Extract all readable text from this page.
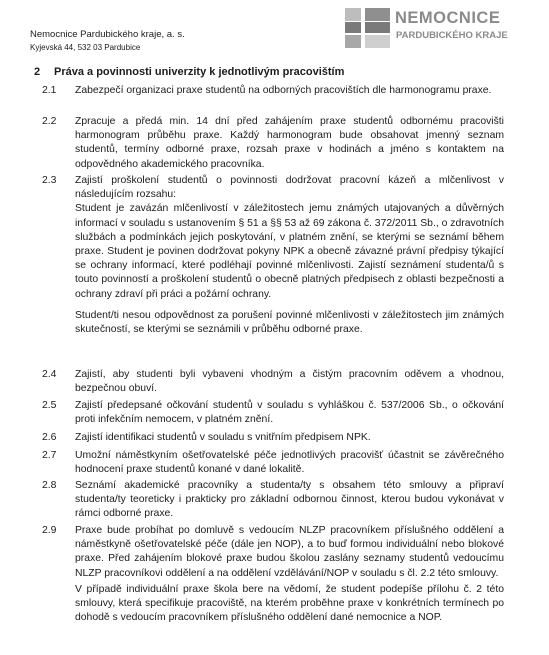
Nemocnice Pardubického kraje, a. s.
Kyjevská 44, 532 03 Pardubice
NEMOCNICE
PARDUBICKÉHO KRAJE
2 Práva a povinnosti univerzity k jednotlivým pracovištím
2.1 Zabezpečí organizaci praxe studentů na odborných pracovištích dle harmonogramu praxe.

2.2 Zpracuje a předá min. 14 dní před zahájením praxe studentů odbornému pracovišti harmonogram průběhu praxe. Každý harmonogram bude obsahovat jmenný seznam studentů, termíny odborné praxe, rozsah praxe v hodinách a jméno s kontaktem na odpovědného akademického pracovníka.

2.3 Zajistí proškolení studentů o povinnosti dodržovat pracovní kázeň a mlčenlivost v následujícím rozsahu:

Student je zavázán mlčenlivostí v záležitostech jemu známých utajovaných a důvěrných informací v souladu s ustanovením § 51 a §§ 53 až 69 zákona č. 372/2011 Sb., o zdravotních službách a podmínkách jejich poskytování, v platném znění, se kterými se seznámí během praxe. Student je povinen dodržovat pokyny NPK a obecně závazné právní předpisy týkající se ochrany informací, které podléhají povinné mlčenlivosti. Zajistí seznámení studenta/ů s touto povinností a proškolení studentů o obecně platných předpisech z oblasti bezpečnosti a ochrany zdraví při práci a požární ochrany.

Student/ti nesou odpovědnost za porušení povinné mlčenlivosti v záležitostech jim známých skutečností, se kterými se seznámili v průběhu odborné praxe.

2.4 Zajistí, aby studenti byli vybaveni vhodným a čistým pracovním oděvem a vhodnou, bezpečnou obuví.

2.5 Zajistí předepsané očkování studentů v souladu s vyhláškou č. 537/2006 Sb., o očkování proti infekčním nemocem, v platném znění.

2.6 Zajistí identifikaci studentů v souladu s vnitřním předpisem NPK.

2.7 Umožní náměstkyním ošetřovatelské péče jednotlivých pracovišť účastnit se závěrečného hodnocení praxe studentů konané v dané lokalitě.

2.8 Seznámí akademické pracovníky a studenta/ty s obsahem této smlouvy a připraví studenta/ty teoreticky i prakticky pro základní odbornou činnost, kterou budou vykonávat v rámci odborné praxe.

2.9 Praxe bude probíhat po domluvě s vedoucím NLZP pracovníkem příslušného oddělení a náměstkyně ošetřovatelské péče (dále jen NOP), a to buď formou individuální nebo blokové praxe. Před zahájením blokové praxe budou školou zaslány seznamy studentů vedoucímu NLZP pracovníkovi oddělení a na oddělení vzdělávání/NOP v souladu s čl. 2.2 této smlouvy.

V případě individuální praxe škola bere na vědomí, že student podepíše přílohu č. 2 této smlouvy, která specifikuje pracoviště, na kterém proběhne praxe v konkrétních termínech po dohodě s vedoucím pracovníkem příslušného oddělení dané nemocnice a NOP.
